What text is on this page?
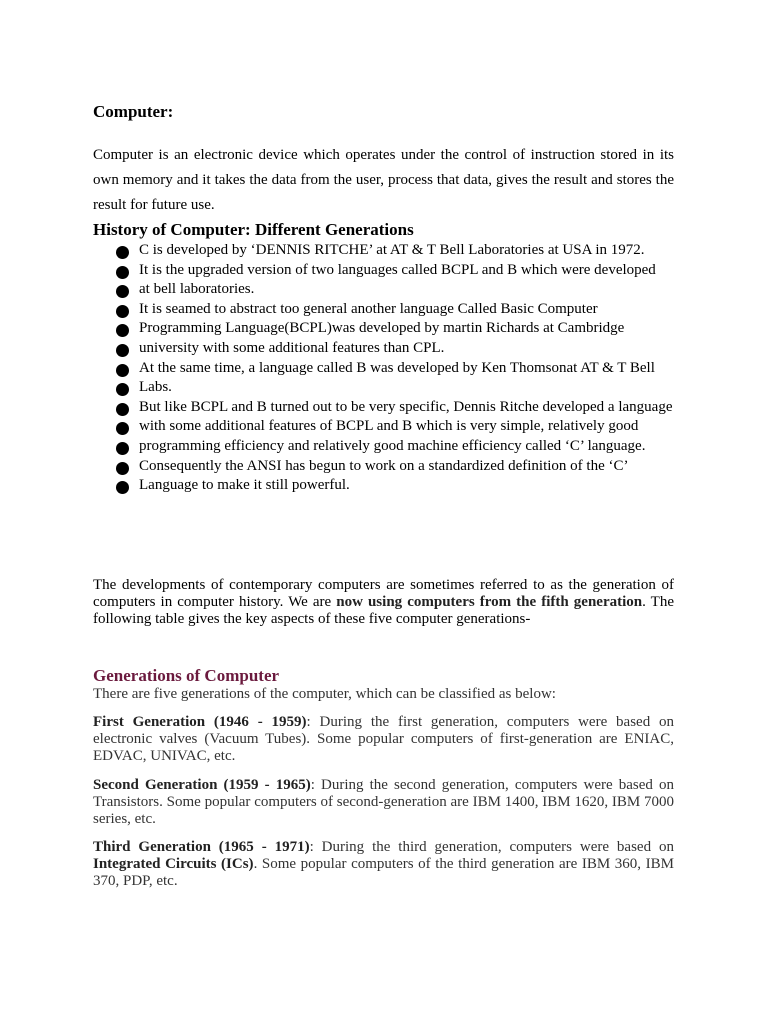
Computer:

Computer is an electronic device which operates under the control of instruction stored in its own memory and it takes the data from the user, process that data, gives the result and stores the result for future use.

History of Computer: Different Generations
C is developed by ‘DENNIS RITCHE’ at AT & T Bell Laboratories at USA in 1972.
It is the upgraded version of two languages called BCPL and B which were developed
at bell laboratories.
It is seamed to abstract too general another language Called Basic Computer
Programming Language(BCPL)was developed by martin Richards at Cambridge
university with some additional features than CPL.
At the same time, a language called B was developed by Ken Thomsonat AT & T Bell
Labs.
But like BCPL and B turned out to be very specific, Dennis Ritche developed a language
with some additional features of BCPL and B which is very simple, relatively good
programming efficiency and relatively good machine efficiency called ‘C’ language.
Consequently the ANSI has begun to work on a standardized definition of the ‘C’
Language to make it still powerful.

The developments of contemporary computers are sometimes referred to as the generation of computers in computer history. We are now using computers from the fifth generation. The following table gives the key aspects of these five computer generations-

Generations of Computer

There are five generations of the computer, which can be classified as below:

First Generation (1946 - 1959): During the first generation, computers were based on electronic valves (Vacuum Tubes). Some popular computers of first-generation are ENIAC, EDVAC, UNIVAC, etc.

Second Generation (1959 - 1965): During the second generation, computers were based on Transistors. Some popular computers of second-generation are IBM 1400, IBM 1620, IBM 7000 series, etc.

Third Generation (1965 - 1971): During the third generation, computers were based on Integrated Circuits (ICs). Some popular computers of the third generation are IBM 360, IBM 370, PDP, etc.
